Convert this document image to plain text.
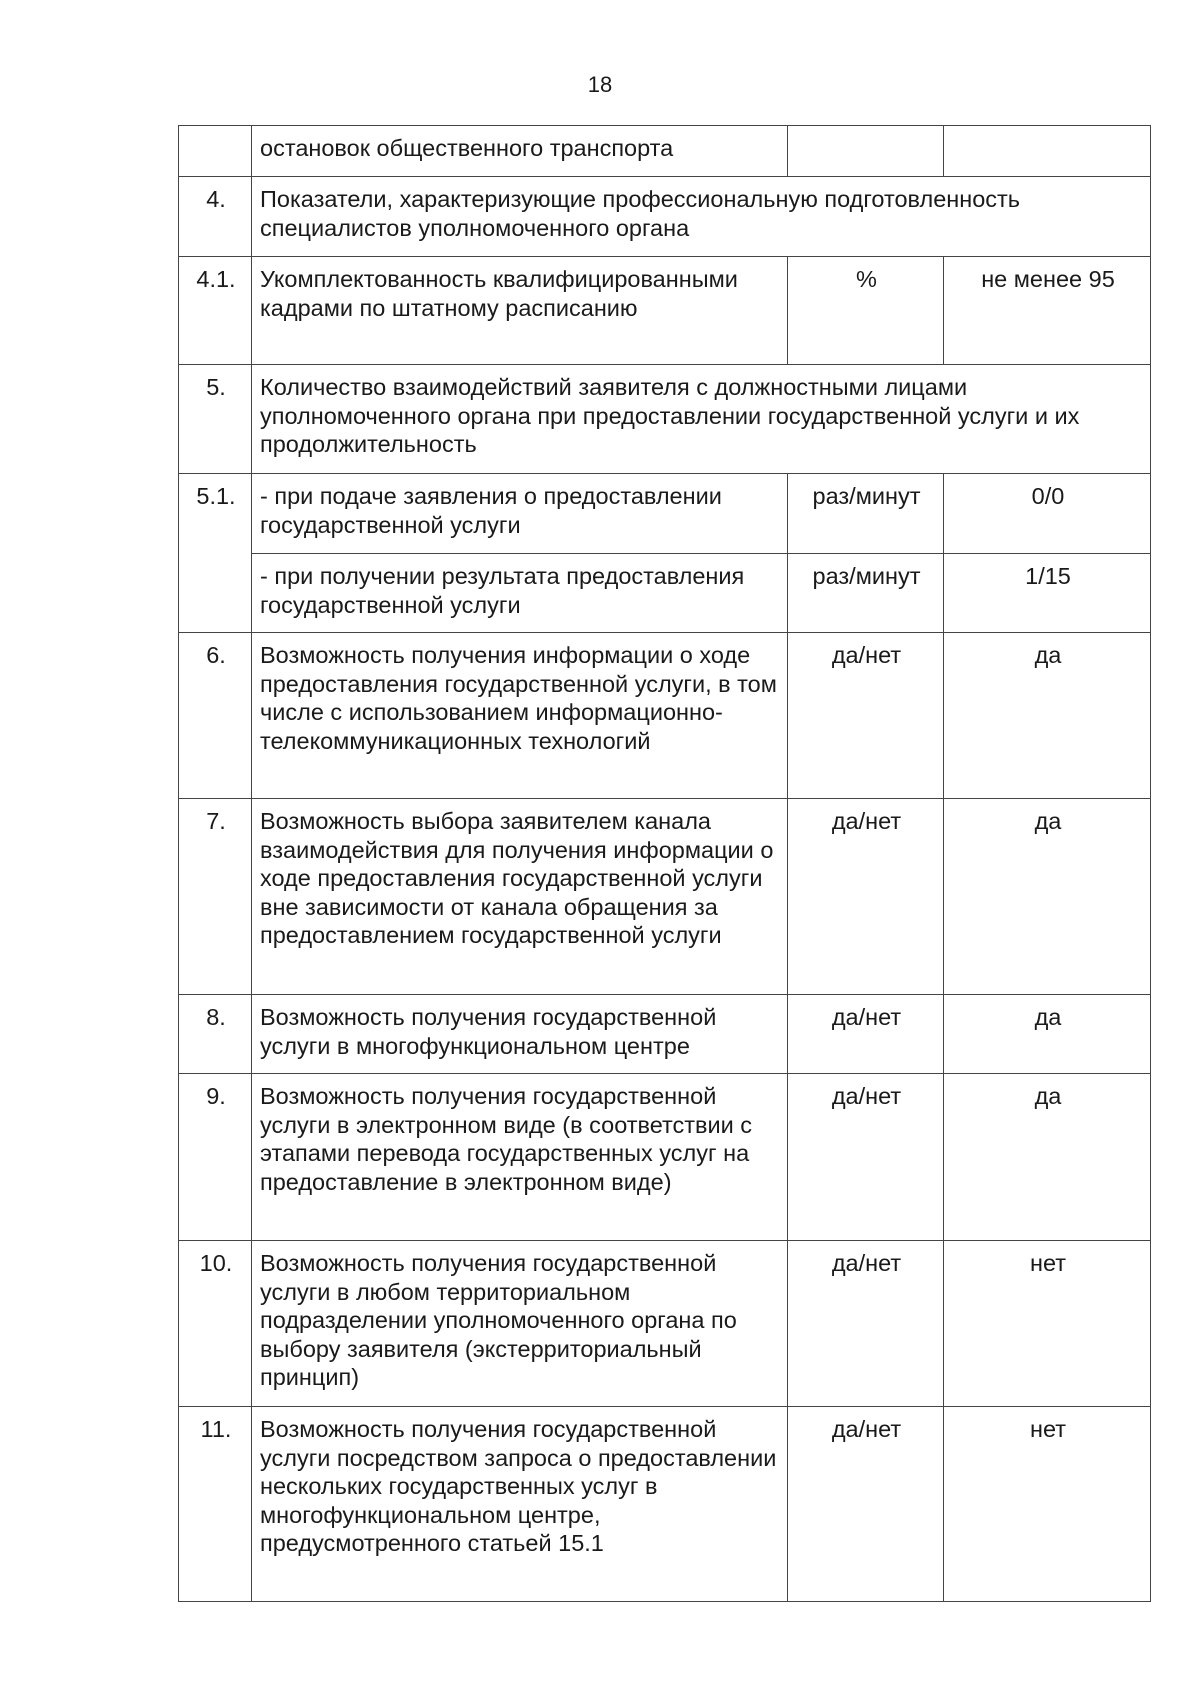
18
	остановок общественного транспорта		
4.	Показатели, характеризующие профессиональную подготовленность специалистов уполномоченного органа		
4.1.	Укомплектованность квалифицированными кадрами по штатному расписанию	%	не менее 95
5.	Количество взаимодействий заявителя с должностными лицами уполномоченного органа при предоставлении государственной услуги и их продолжительность		
5.1.	- при подаче заявления о предоставлении государственной услуги	раз/минут	0/0
	- при получении результата предоставления государственной услуги	раз/минут	1/15
6.	Возможность получения информации о ходе предоставления государственной услуги, в том числе с использованием информационно-телекоммуникационных технологий	да/нет	да
7.	Возможность выбора заявителем канала взаимодействия для получения информации о ходе предоставления государственной услуги вне зависимости от канала обращения за предоставлением государственной услуги	да/нет	да
8.	Возможность получения государственной услуги в многофункциональном центре	да/нет	да
9.	Возможность получения государственной услуги в электронном виде (в соответствии с этапами перевода государственных услуг на предоставление в электронном виде)	да/нет	да
10.	Возможность получения государственной услуги в любом территориальном подразделении уполномоченного органа по выбору заявителя (экстерриториальный принцип)	да/нет	нет
11.	Возможность получения государственной услуги посредством запроса о предоставлении нескольких государственных услуг в многофункциональном центре, предусмотренного статьей 15.1	да/нет	нет
